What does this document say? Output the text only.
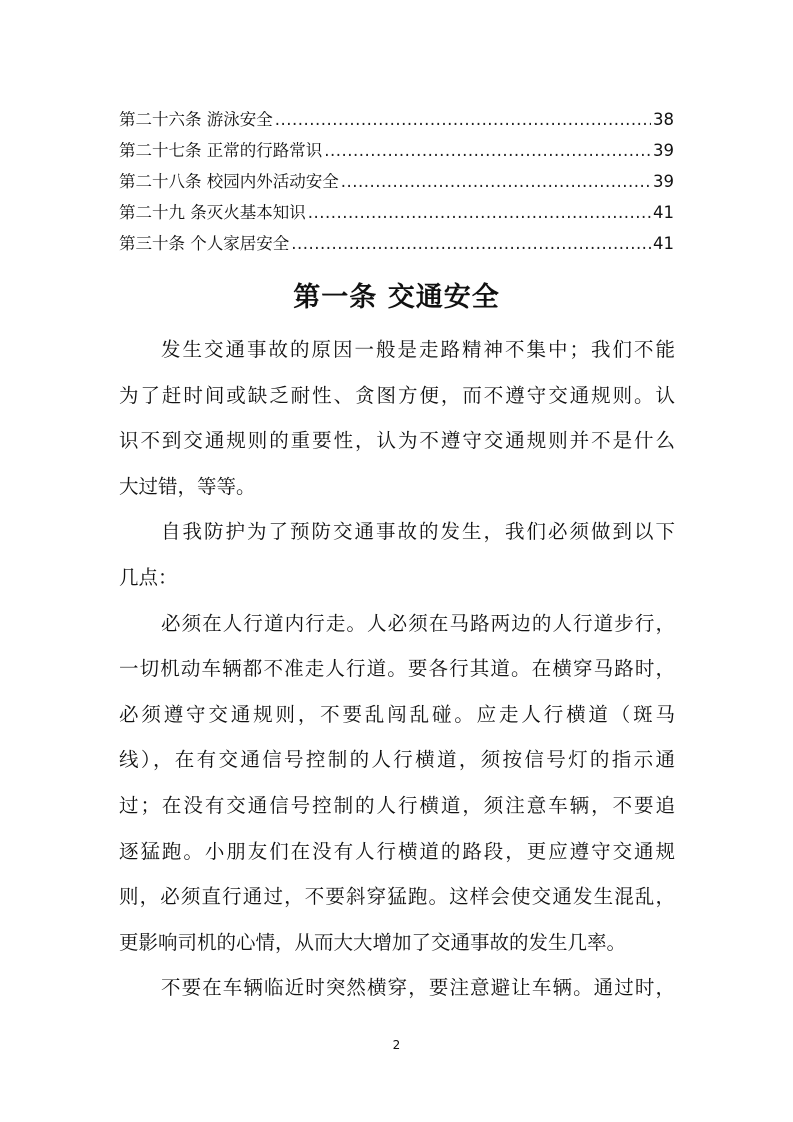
第二十六条 游泳安全 .....	38
第二十七条 正常的行路常识 .....	39
第二十八条 校园内外活动安全 .....	39
第二十九 条灭火基本知识 .....	41
第三十条 个人家居安全 .....	41
第一条 交通安全
发生交通事故的原因一般是走路精神不集中；我们不能
为了赶时间或缺乏耐性、贪图方便，而不遵守交通规则。认
识不到交通规则的重要性，认为不遵守交通规则并不是什么
大过错，等等。
自我防护为了预防交通事故的发生，我们必须做到以下
几点：
必须在人行道内行走。人必须在马路两边的人行道步行，
一切机动车辆都不准走人行道。要各行其道。在横穿马路时，
必须遵守交通规则，不要乱闯乱碰。应走人行横道（斑马
线），在有交通信号控制的人行横道，须按信号灯的指示通
过；在没有交通信号控制的人行横道，须注意车辆，不要追
逐猛跑。小朋友们在没有人行横道的路段，更应遵守交通规
则，必须直行通过，不要斜穿猛跑。这样会使交通发生混乱，
更影响司机的心情，从而大大增加了交通事故的发生几率。
不要在车辆临近时突然横穿，要注意避让车辆。通过时，
2
